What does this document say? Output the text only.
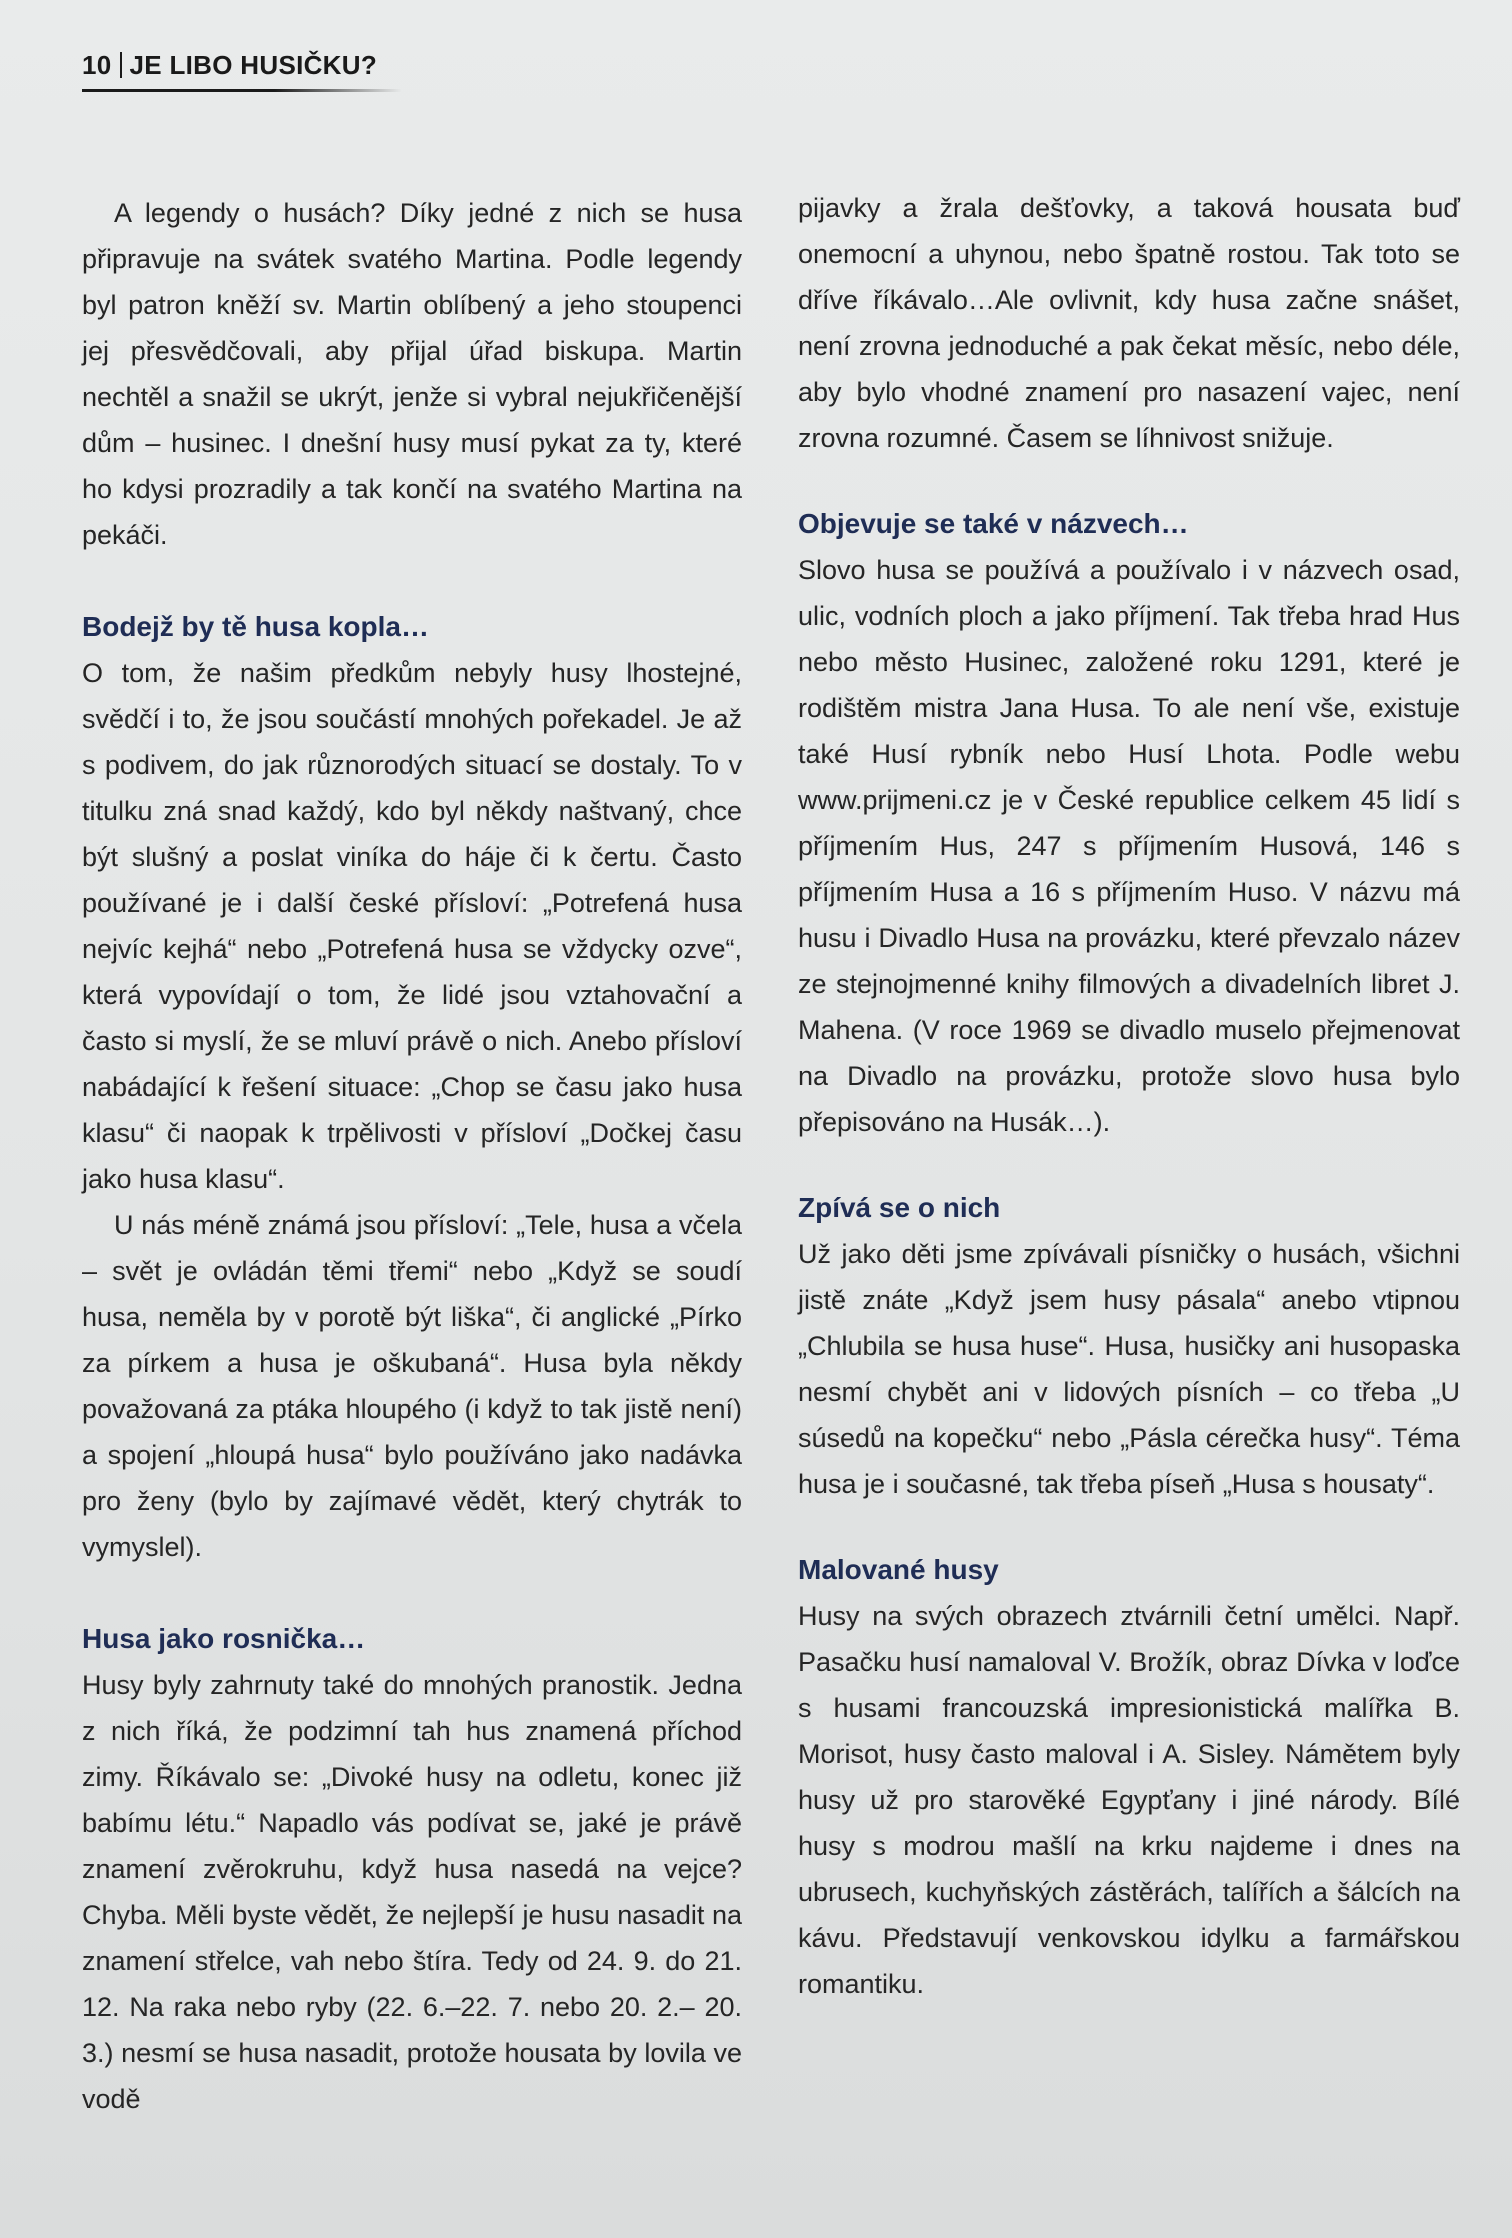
10 JE LIBO HUSIČKU?

A legendy o husách? Díky jedné z nich se husa připravuje na svátek svatého Martina. Podle legendy byl patron kněží sv. Martin oblíbený a jeho stoupenci jej přesvědčovali, aby přijal úřad biskupa. Martin nechtěl a snažil se ukrýt, jenže si vybral nejukřičenější dům – husinec. I dnešní husy musí pykat za ty, které ho kdysi prozradily a tak končí na svatého Martina na pekáči.

Bodejž by tě husa kopla…

O tom, že našim předkům nebyly husy lhostejné, svědčí i to, že jsou součástí mnohých pořekadel. Je až s podivem, do jak různorodých situací se dostaly. To v titulku zná snad každý, kdo byl někdy naštvaný, chce být slušný a poslat viníka do háje či k čertu. Často používané je i další české přísloví: „Potrefená husa nejvíc kejhá“ nebo „Potrefená husa se vždycky ozve“, která vypovídají o tom, že lidé jsou vztahovační a často si myslí, že se mluví právě o nich. Anebo přísloví nabádající k řešení situace: „Chop se času jako husa klasu“ či naopak k trpělivosti v přísloví „Dočkej času jako husa klasu“.

U nás méně známá jsou přísloví: „Tele, husa a včela – svět je ovládán těmi třemi“ nebo „Když se soudí husa, neměla by v porotě být liška“, či anglické „Pírko za pírkem a husa je oškubaná“. Husa byla někdy považovaná za ptáka hloupého (i když to tak jistě není) a spojení „hloupá husa“ bylo používáno jako nadávka pro ženy (bylo by zajímavé vědět, který chytrák to vymyslel).

Husa jako rosnička…

Husy byly zahrnuty také do mnohých pranostik. Jedna z nich říká, že podzimní tah hus znamená příchod zimy. Říkávalo se: „Divoké husy na odletu, konec již babímu létu.“ Napadlo vás podívat se, jaké je právě znamení zvěrokruhu, když husa nasedá na vejce? Chyba. Měli byste vědět, že nejlepší je husu nasadit na znamení střelce, vah nebo štíra. Tedy od 24. 9. do 21. 12. Na raka nebo ryby (22. 6.–22. 7. nebo 20. 2.– 20. 3.) nesmí se husa nasadit, protože housata by lovila ve vodě

pijavky a žrala dešťovky, a taková housata buď onemocní a uhynou, nebo špatně rostou. Tak toto se dříve říkávalo…Ale ovlivnit, kdy husa začne snášet, není zrovna jednoduché a pak čekat měsíc, nebo déle, aby bylo vhodné znamení pro nasazení vajec, není zrovna rozumné. Časem se líhnivost snižuje.

Objevuje se také v názvech…

Slovo husa se používá a používalo i v názvech osad, ulic, vodních ploch a jako příjmení. Tak třeba hrad Hus nebo město Husinec, založené roku 1291, které je rodištěm mistra Jana Husa. To ale není vše, existuje také Husí rybník nebo Husí Lhota. Podle webu www.prijmeni.cz je v České republice celkem 45 lidí s příjmením Hus, 247 s příjmením Husová, 146 s příjmením Husa a 16 s příjmením Huso. V názvu má husu i Divadlo Husa na provázku, které převzalo název ze stejnojmenné knihy filmových a divadelních libret J. Mahena. (V roce 1969 se divadlo muselo přejmenovat na Divadlo na provázku, protože slovo husa bylo přepisováno na Husák…).

Zpívá se o nich

Už jako děti jsme zpívávali písničky o husách, všichni jistě znáte „Když jsem husy pásala“ anebo vtipnou „Chlubila se husa huse“. Husa, husičky ani husopaska nesmí chybět ani v lidových písních – co třeba „U súsedů na kopečku“ nebo „Pásla cérečka husy“. Téma husa je i současné, tak třeba píseň „Husa s housaty“.

Malované husy

Husy na svých obrazech ztvárnili četní umělci. Např. Pasačku husí namaloval V. Brožík, obraz Dívka v loďce s husami francouzská impresionistická malířka B. Morisot, husy často maloval i A. Sisley. Námětem byly husy už pro starověké Egypťany i jiné národy. Bílé husy s modrou mašlí na krku najdeme i dnes na ubrusech, kuchyňských zástěrách, talířích a šálcích na kávu. Představují venkovskou idylku a farmářskou romantiku.
